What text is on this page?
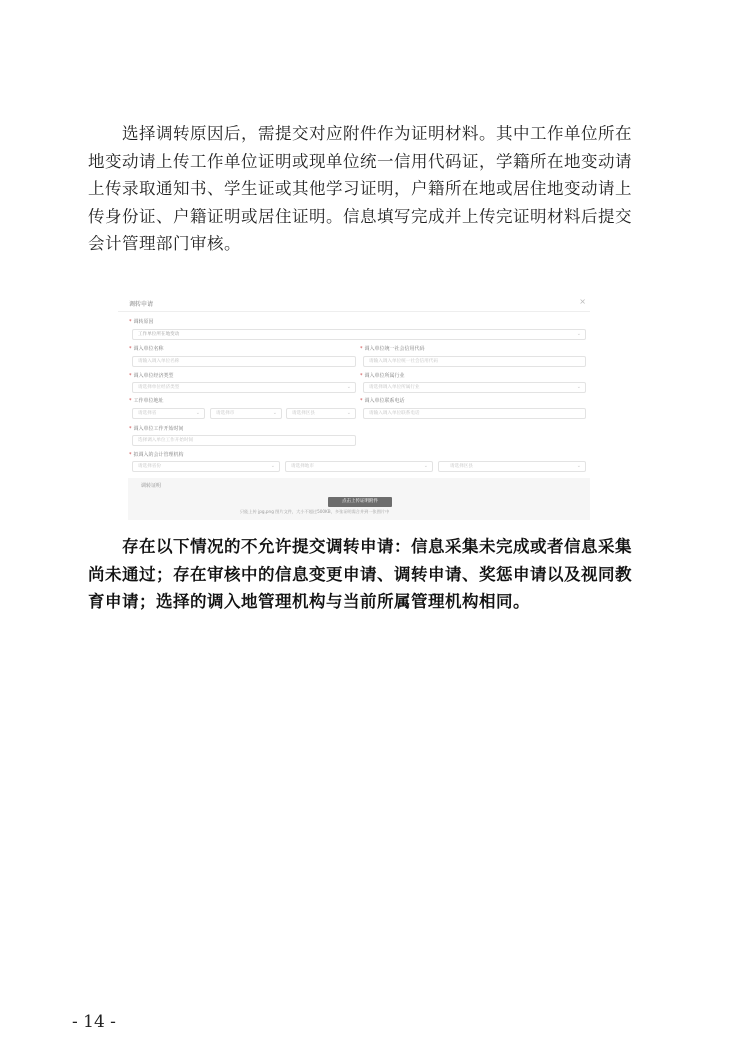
选择调转原因后，需提交对应附件作为证明材料。其中工作单位所在
地变动请上传工作单位证明或现单位统一信用代码证，学籍所在地变动请
上传录取通知书、学生证或其他学习证明，户籍所在地或居住地变动请上
传身份证、户籍证明或居住证明。信息填写完成并上传完证明材料后提交
会计管理部门审核。
调转申请	×
* 调转原因
工作单位所在地变动	⌄
* 调入单位名称
请输入调入单位名称
* 调入单位统一社会信用代码
请输入调入单位统一社会信用代码
* 调入单位经济类型
请选择单位经济类型	⌄
* 调入单位所属行业
请选择调入单位所属行业	⌄
* 工作单位地址
请选择省	⌄	请选择市	⌄	请选择区县	⌄
* 调入单位联系电话
请输入调入单位联系电话
* 调入单位工作开始时间
选择调入单位工作开始时间
* 拟调入的会计管理机构
请选择省份	⌄	请选择地市	⌄	请选择区县	⌄
调转证明
点击上传证明附件
只能上传 jpg,png 图片文件，大小不超过500KB，多张证明需合并到一张图片中
存在以下情况的不允许提交调转申请：信息采集未完成或者信息采集
尚未通过；存在审核中的信息变更申请、调转申请、奖惩申请以及视同教
育申请；选择的调入地管理机构与当前所属管理机构相同。
- 14 -
